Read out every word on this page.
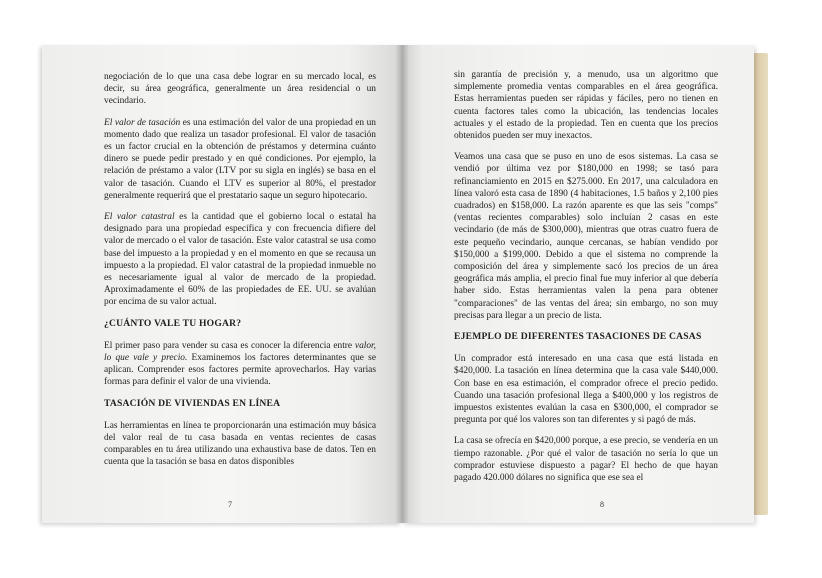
negociación de lo que una casa debe lograr en su mercado local, es decir, su área geográfica, generalmente un área residencial o un vecindario.

El valor de tasación es una estimación del valor de una propiedad en un momento dado que realiza un tasador profesional. El valor de tasación es un factor crucial en la obtención de préstamos y determina cuánto dinero se puede pedir prestado y en qué condiciones. Por ejemplo, la relación de préstamo a valor (LTV por su sigla en inglés) se basa en el valor de tasación. Cuando el LTV es superior al 80%, el prestador generalmente requerirá que el prestatario saque un seguro hipotecario.

El valor catastral es la cantidad que el gobierno local o estatal ha designado para una propiedad específica y con frecuencia difiere del valor de mercado o el valor de tasación. Este valor catastral se usa como base del impuesto a la propiedad y en el momento en que se recausa un impuesto a la propiedad. El valor catastral de la propiedad inmueble no es necesariamente igual al valor de mercado de la propiedad. Aproximadamente el 60% de las propiedades de EE. UU. se avalúan por encima de su valor actual.

¿CUÁNTO VALE TU HOGAR?

El primer paso para vender su casa es conocer la diferencia entre valor, lo que vale y precio. Examinemos los factores determinantes que se aplican. Comprender esos factores permite aprovecharlos. Hay varias formas para definir el valor de una vivienda.

TASACIÓN DE VIVIENDAS EN LÍNEA

Las herramientas en línea te proporcionarán una estimación muy básica del valor real de tu casa basada en ventas recientes de casas comparables en tu área utilizando una exhaustiva base de datos. Ten en cuenta que la tasación se basa en datos disponibles

7

sin garantía de precisión y, a menudo, usa un algoritmo que simplemente promedia ventas comparables en el área geográfica. Estas herramientas pueden ser rápidas y fáciles, pero no tienen en cuenta factores tales como la ubicación, las tendencias locales actuales y el estado de la propiedad. Ten en cuenta que los precios obtenidos pueden ser muy inexactos.

Veamos una casa que se puso en uno de esos sistemas. La casa se vendió por última vez por $180,000 en 1998; se tasó para refinanciamiento en 2015 en $275.000. En 2017, una calculadora en línea valoró esta casa de 1890 (4 habitaciones, 1.5 baños y 2,100 pies cuadrados) en $158,000. La razón aparente es que las seis "comps" (ventas recientes comparables) solo incluían 2 casas en este vecindario (de más de $300,000), mientras que otras cuatro fuera de este pequeño vecindario, aunque cercanas, se habían vendido por $150,000 a $199,000. Debido a que el sistema no comprende la composición del área y simplemente sacó los precios de un área geográfica más amplia, el precio final fue muy inferior al que debería haber sido. Estas herramientas valen la pena para obtener "comparaciones" de las ventas del área; sin embargo, no son muy precisas para llegar a un precio de lista.

EJEMPLO DE DIFERENTES TASACIONES DE CASAS

Un comprador está interesado en una casa que está listada en $420,000. La tasación en línea determina que la casa vale $440,000. Con base en esa estimación, el comprador ofrece el precio pedido. Cuando una tasación profesional llega a $400,000 y los registros de impuestos existentes evalúan la casa en $300,000, el comprador se pregunta por qué los valores son tan diferentes y si pagó de más.

La casa se ofrecía en $420,000 porque, a ese precio, se vendería en un tiempo razonable. ¿Por qué el valor de tasación no sería lo que un comprador estuviese dispuesto a pagar? El hecho de que hayan pagado 420.000 dólares no significa que ese sea el

8
